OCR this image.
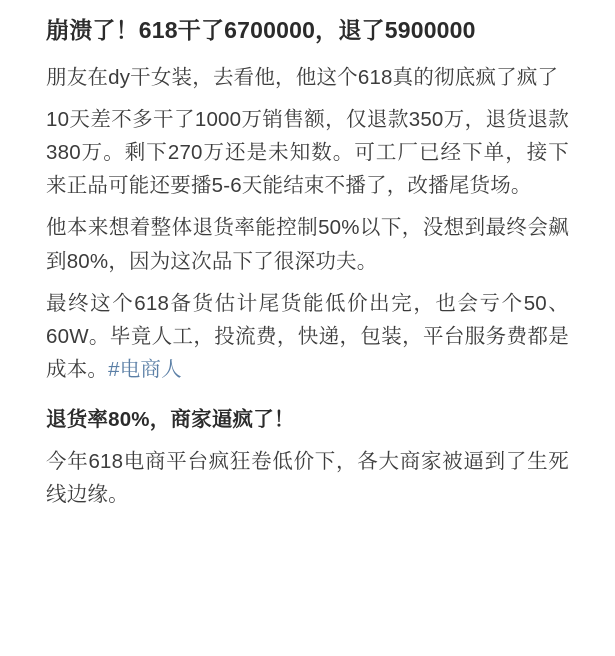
崩溃了！618干了6700000，退了5900000

朋友在dy干女装，去看他，他这个618真的彻底疯了疯了

10天差不多干了1000万销售额，仅退款350万，退货退款380万。剩下270万还是未知数。可工厂已经下单，接下来正品可能还要播5-6天能结束不播了，改播尾货场。

他本来想着整体退货率能控制50%以下，没想到最终会飙到80%，因为这次品下了很深功夫。

最终这个618备货估计尾货能低价出完，也会亏个50、60W。毕竟人工，投流费，快递，包装，平台服务费都是成本。#电商人

退货率80%，商家逼疯了！

今年618电商平台疯狂卷低价下，各大商家被逼到了生死线边缘。
